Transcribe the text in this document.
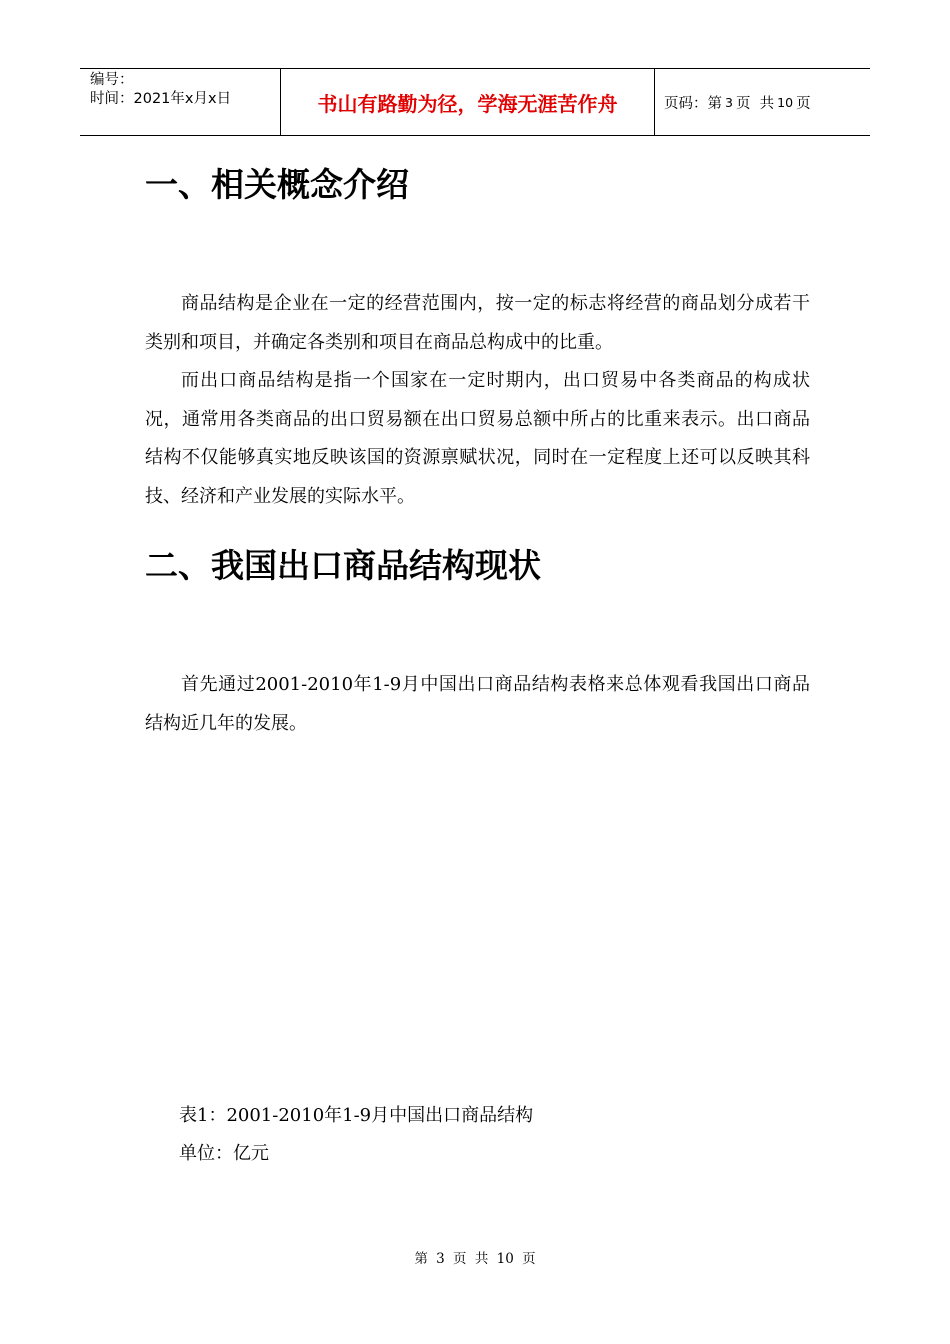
编号：
时间：2021年x月x日	书山有路勤为径，学海无涯苦作舟	页码：第 3 页  共 10 页
一、相关概念介绍

商品结构是企业在一定的经营范围内，按一定的标志将经营的商品划分成若干类别和项目，并确定各类别和项目在商品总构成中的比重。

而出口商品结构是指一个国家在一定时期内，出口贸易中各类商品的构成状况，通常用各类商品的出口贸易额在出口贸易总额中所占的比重来表示。出口商品结构不仅能够真实地反映该国的资源禀赋状况，同时在一定程度上还可以反映其科技、经济和产业发展的实际水平。

二、我国出口商品结构现状

首先通过2001-2010年1-9月中国出口商品结构表格来总体观看我国出口商品结构近几年的发展。

表1：2001-2010年1-9月中国出口商品结构

单位：亿元

第 3 页 共 10 页
